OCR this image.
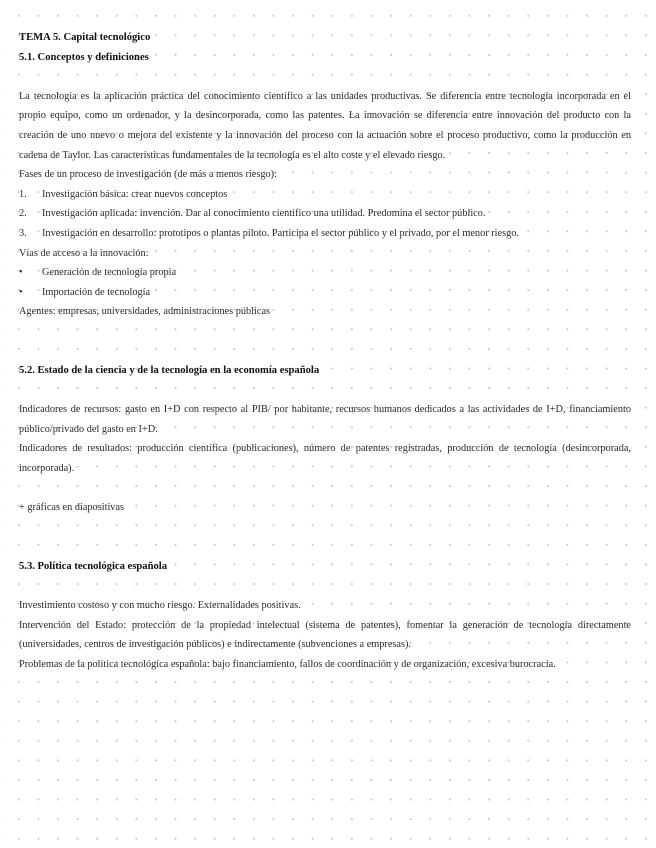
TEMA 5. Capital tecnológico

5.1. Conceptos y definiciones

La tecnología es la aplicación práctica del conocimiento científico a las unidades productivas. Se diferencia entre tecnología incorporada en el propio equipo, como un ordenador, y la desincorporada, como las patentes. La innovación se diferencia entre innovación del producto con la creación de uno nuevo o mejora del existente y la innovación del proceso con la actuación sobre el proceso productivo, como la producción en cadena de Taylor. Las características fundamentales de la tecnología es el alto coste y el elevado riesgo.

Fases de un proceso de investigación (de más a menos riesgo):

1.	Investigación básica: crear nuevos conceptos
2.	Investigación aplicada: invención. Dar al conocimiento científico una utilidad. Predomina el sector público.
3.	Investigación en desarrollo: prototipos o plantas piloto. Participa el sector público y el privado, por el menor riesgo.

Vías de acceso a la innovación:

•	Generación de tecnología propia
•	Importación de tecnología

Agentes: empresas, universidades, administraciones públicas

5.2. Estado de la ciencia y de la tecnología en la economía española

Indicadores de recursos: gasto en I+D con respecto al PIB/ por habitante, recursos humanos dedicados a las actividades de I+D, financiamiento público/privado del gasto en I+D.

Indicadores de resultados: producción científica (publicaciones), número de patentes registradas, producción de tecnología (desincorporada, incorporada).

+ gráficas en diapositivas

5.3. Política tecnológica española

Investimiento costoso y con mucho riesgo. Externalidades positivas.

Intervención del Estado: protección de la propiedad intelectual (sistema de patentes), fomentar la generación de tecnología directamente (universidades, centros de investigación públicos) e indirectamente (subvenciones a empresas).

Problemas de la política tecnológica española: bajo financiamiento, fallos de coordinación y de organización, excesiva burocracia.
